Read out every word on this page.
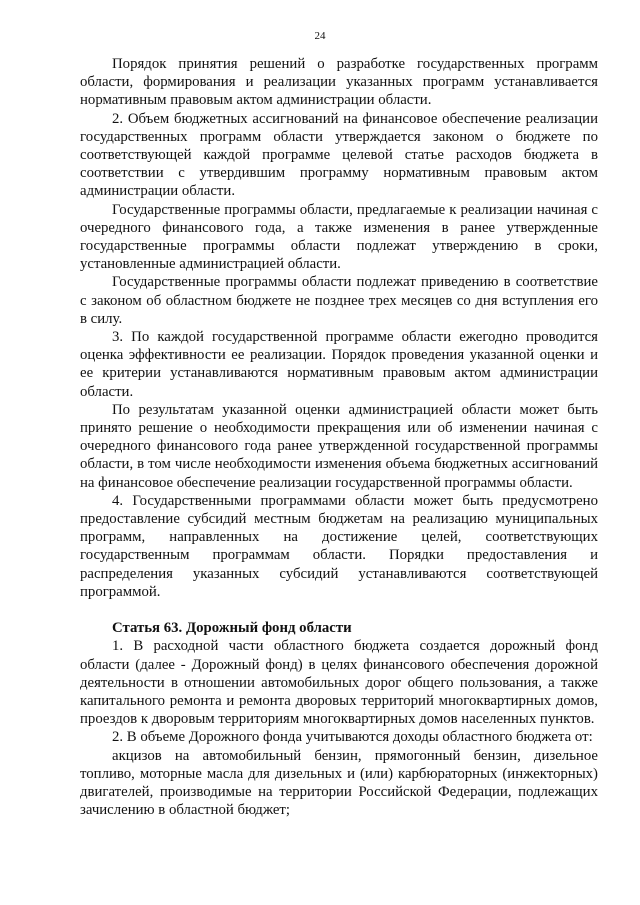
24

Порядок принятия решений о разработке государственных программ области, формирования и реализации указанных программ устанавливается нормативным правовым актом администрации области.

2. Объем бюджетных ассигнований на финансовое обеспечение реализации государственных программ области утверждается законом о бюджете по соответствующей каждой программе целевой статье расходов бюджета в соответствии с утвердившим программу нормативным правовым актом администрации области.

Государственные программы области, предлагаемые к реализации начиная с очередного финансового года, а также изменения в ранее утвержденные государственные программы области подлежат утверждению в сроки, установленные администрацией области.

Государственные программы области подлежат приведению в соответствие с законом об областном бюджете не позднее трех месяцев со дня вступления его в силу.

3. По каждой государственной программе области ежегодно проводится оценка эффективности ее реализации. Порядок проведения указанной оценки и ее критерии устанавливаются нормативным правовым актом администрации области.

По результатам указанной оценки администрацией области может быть принято решение о необходимости прекращения или об изменении начиная с очередного финансового года ранее утвержденной государственной программы области, в том числе необходимости изменения объема бюджетных ассигнований на финансовое обеспечение реализации государственной программы области.

4. Государственными программами области может быть предусмотрено предоставление субсидий местным бюджетам на реализацию муниципальных программ, направленных на достижение целей, соответствующих государственным программам области. Порядки предоставления и распределения указанных субсидий устанавливаются соответствующей программой.

Статья 63. Дорожный фонд области

1. В расходной части областного бюджета создается дорожный фонд области (далее - Дорожный фонд) в целях финансового обеспечения дорожной деятельности в отношении автомобильных дорог общего пользования, а также капитального ремонта и ремонта дворовых территорий многоквартирных домов, проездов к дворовым территориям многоквартирных домов населенных пунктов.

2. В объеме Дорожного фонда учитываются доходы областного бюджета от:

акцизов на автомобильный бензин, прямогонный бензин, дизельное топливо, моторные масла для дизельных и (или) карбюраторных (инжекторных) двигателей, производимые на территории Российской Федерации, подлежащих зачислению в областной бюджет;
